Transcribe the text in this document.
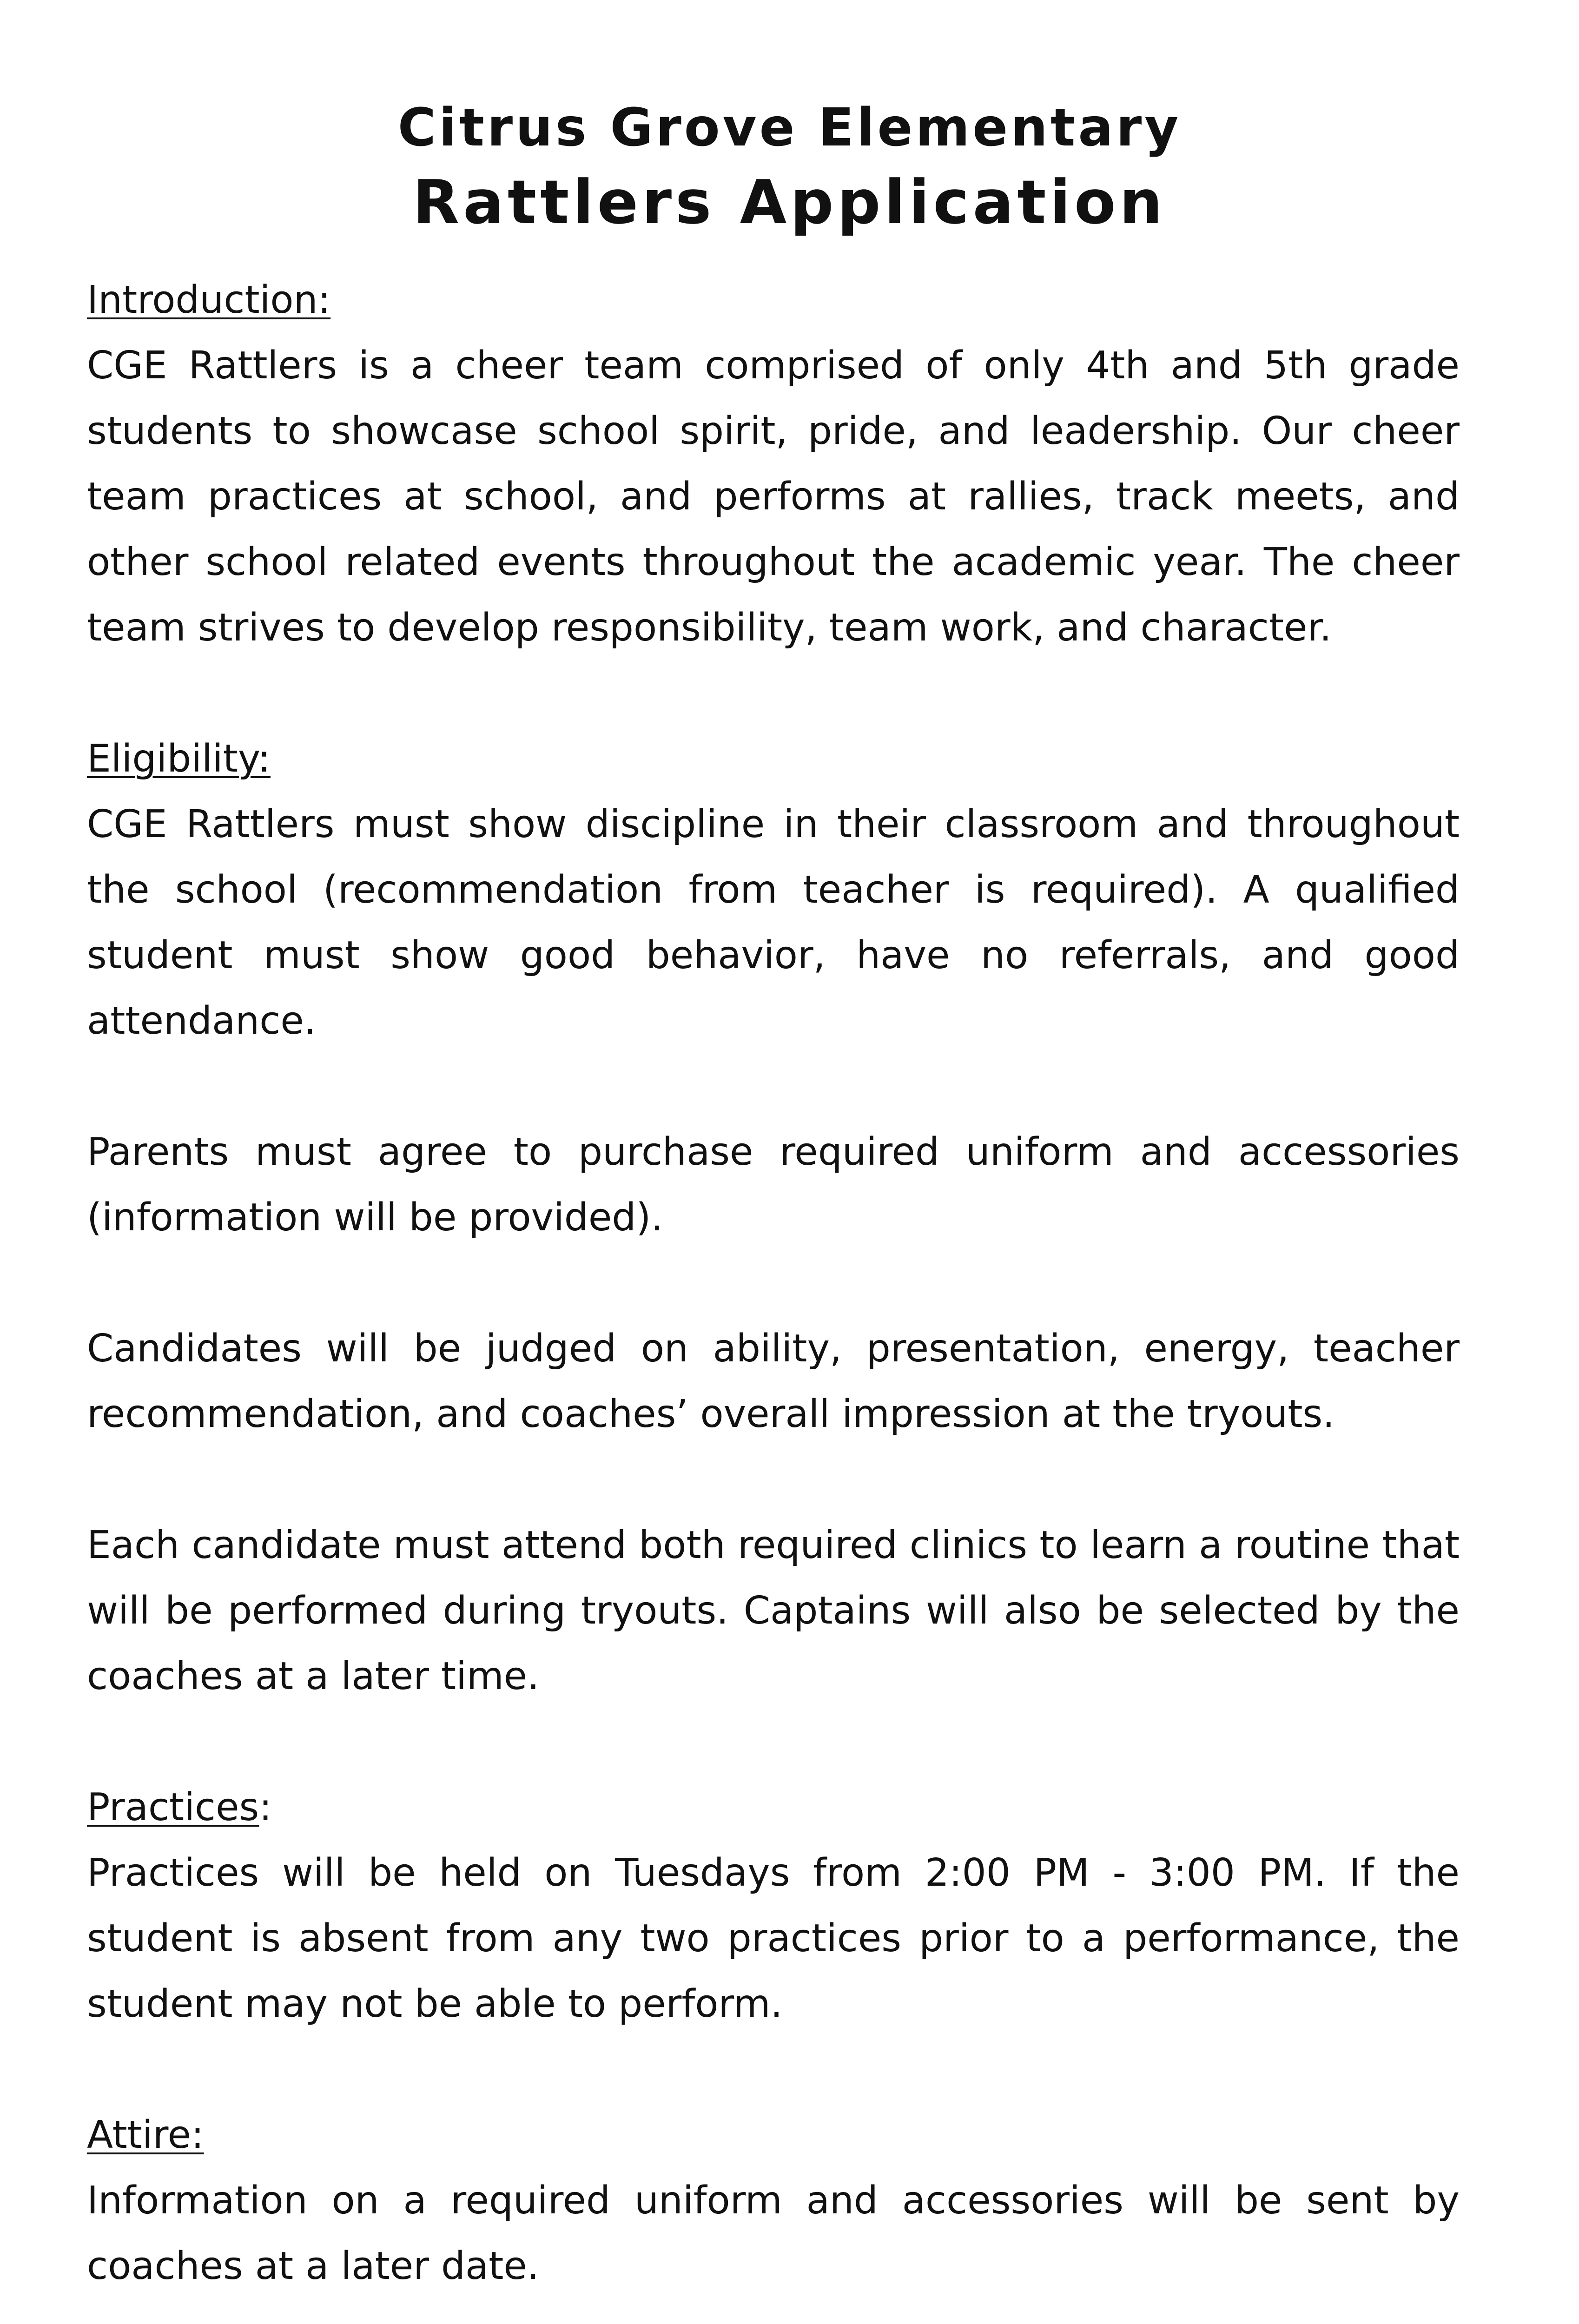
Citrus Grove Elementary
Rattlers Application
Introduction:

CGE Rattlers is a cheer team comprised of only 4th and 5th grade students to showcase school spirit, pride, and leadership. Our cheer team practices at school, and performs at rallies, track meets, and other school related events throughout the academic year. The cheer team strives to develop responsibility, team work, and character.

Eligibility:

CGE Rattlers must show discipline in their classroom and throughout the school (recommendation from teacher is required). A qualified student must show good behavior, have no referrals, and good attendance.

Parents must agree to purchase required uniform and accessories (information will be provided).

Candidates will be judged on ability, presentation, energy, teacher recommendation, and coaches’ overall impression at the tryouts.

Each candidate must attend both required clinics to learn a routine that will be performed during tryouts. Captains will also be selected by the coaches at a later time.

Practices:

Practices will be held on Tuesdays from 2:00 PM - 3:00 PM. If the student is absent from any two practices prior to a performance, the student may not be able to perform.

Attire:

Information on a required uniform and accessories will be sent by coaches at a later date.
